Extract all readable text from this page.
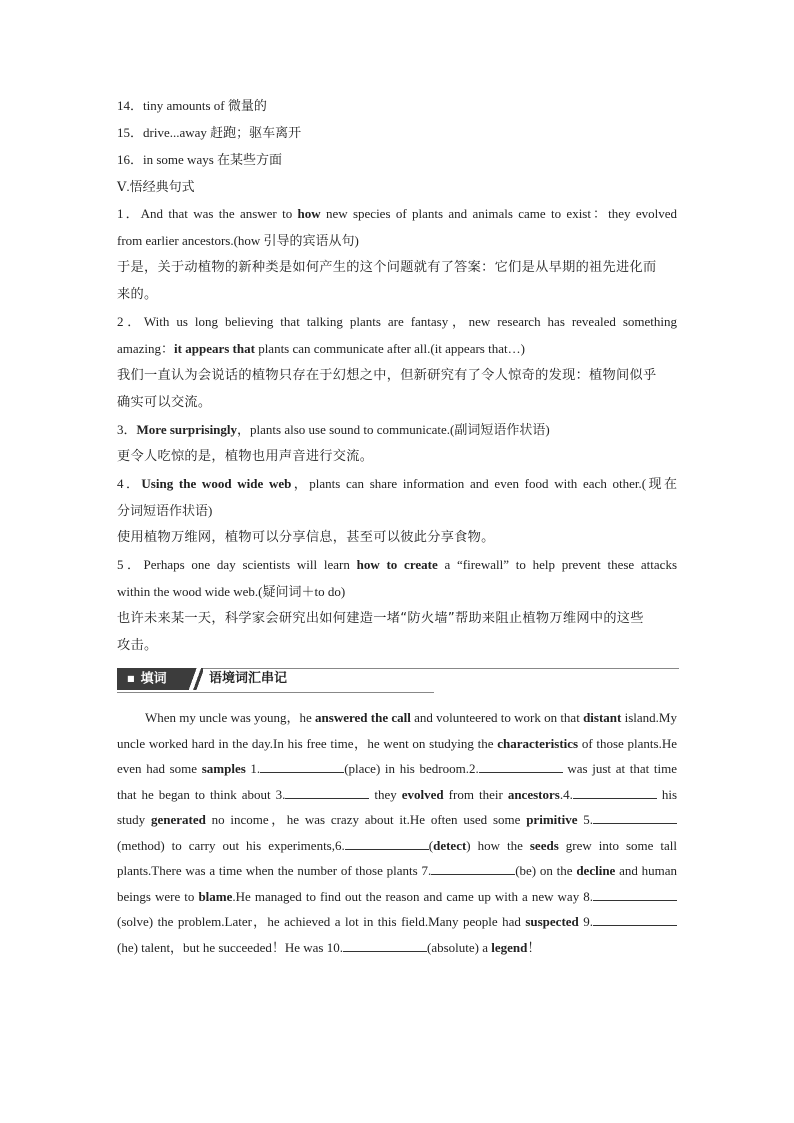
14．tiny amounts of 微量的
15．drive...away 赶跑；驱车离开
16．in some ways 在某些方面
Ⅴ.悟经典句式
1．And that was the answer to how new species of plants and animals came to exist：they evolved
from earlier ancestors.(how 引导的宾语从句)
于是，关于动植物的新种类是如何产生的这个问题就有了答案：它们是从早期的祖先进化而
来的。
2．With us long believing that talking plants are fantasy，new research has revealed something
amazing：it appears that plants can communicate after all.(it appears that…)
我们一直认为会说话的植物只存在于幻想之中，但新研究有了令人惊奇的发现：植物间似乎
确实可以交流。
3．More surprisingly，plants also use sound to communicate.(副词短语作状语)
更令人吃惊的是，植物也用声音进行交流。
4．Using the wood wide web，plants can share information and even food with each other.(现在
分词短语作状语)
使用植物万维网，植物可以分享信息，甚至可以彼此分享食物。
5．Perhaps one day scientists will learn how to create a “firewall” to help prevent these attacks
within the wood wide web.(疑问词＋to do)
也许未来某一天，科学家会研究出如何建造一堵“防火墙”帮助来阻止植物万维网中的这些
攻击。
■ 填词	语境词汇串记
When my uncle was young，he answered the call and volunteered to work on that distant island.My uncle worked hard in the day.In his free time，he went on studying the characteristics of those plants.He even had some samples 1.	(place) in his bedroom.2.	was just at that time that he began to think about 3.	they evolved from their ancestors.4.	his study generated no income，he was crazy about it.He often used some primitive 5.(method) to carry out his experiments,6.	(detect) how the seeds grew into some tall plants.There was a time when the number of those plants 7.	(be) on the decline and human beings were to blame.He managed to find out the reason and came up with a new way 8.(solve) the problem.Later，he achieved a lot in this field.Many people had suspected 9.(he) talent，but he succeeded！He was 10.	(absolute) a legend！
